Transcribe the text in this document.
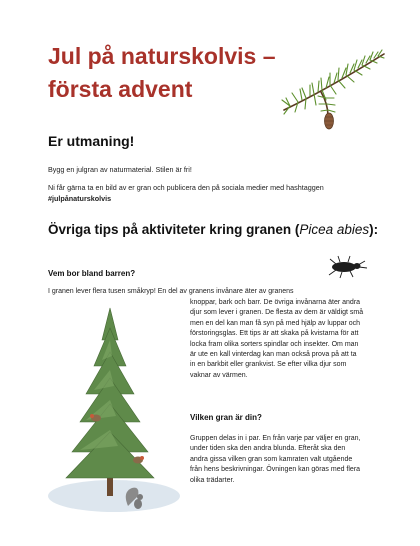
Jul på naturskolvis –
första advent
Er utmaning!

Bygg en julgran av naturmaterial. Stilen är fri!

Ni får gärna ta en bild av er gran och publicera den på sociala medier med hashtaggen
#julpånaturskolvis

Övriga tips på aktiviteter kring granen (Picea abies):
Vem bor bland barren?

I granen lever flera tusen småkryp! En del av granens invånare äter av granens

knoppar, bark och barr. De övriga invånarna äter andra
djur som lever i granen. De flesta av dem är väldigt små
men en del kan man få syn på med hjälp av luppar och
förstoringsglas. Ett tips är att skaka på kvistarna för att
locka fram olika sorters spindlar och insekter. Om man
är ute en kall vinterdag kan man också prova på att ta
in en barkbit eller grankvist. Se efter vilka djur som
vaknar av värmen.

Vilken gran är din?

Gruppen delas in i par. En från varje par väljer en gran,
under tiden ska den andra blunda. Efteråt ska den
andra gissa vilken gran som kamraten valt utgående
från hens beskrivningar. Övningen kan göras med flera
olika trädarter.
